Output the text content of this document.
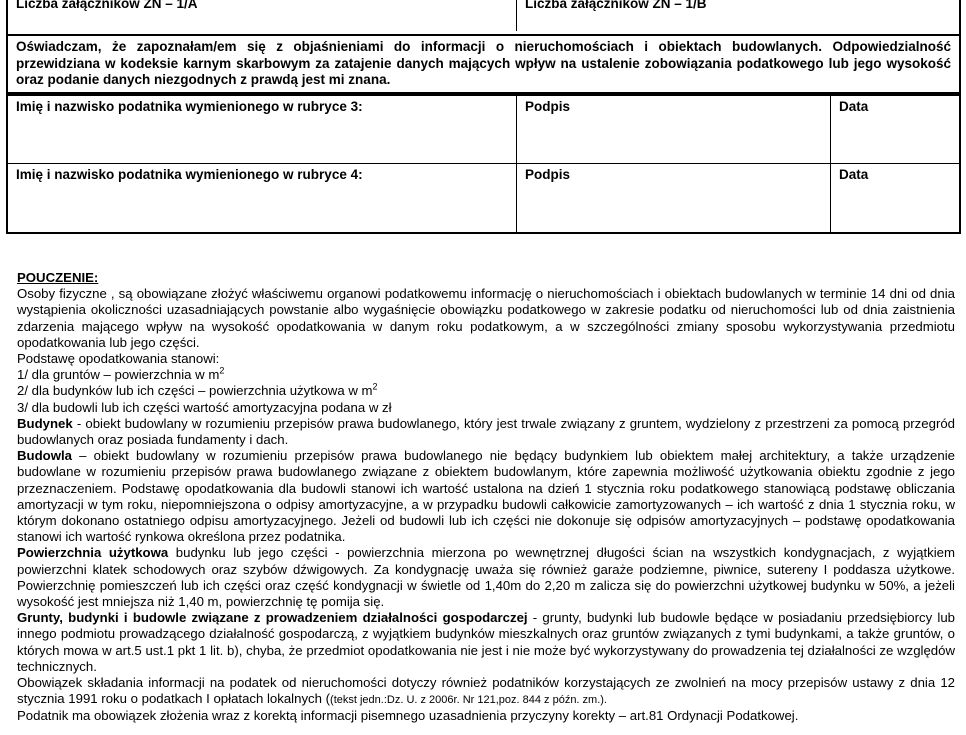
Liczba załączników ZN – 1/A	Liczba załączników ZN – 1/B
Oświadczam, że zapoznałam/em się z objaśnieniami do informacji o nieruchomościach i obiektach budowlanych. Odpowiedzialność przewidziana w kodeksie karnym skarbowym za zatajenie danych mających wpływ na ustalenie zobowiązania podatkowego lub jego wysokość oraz podanie danych niezgodnych z prawdą jest mi znana.
Imię i nazwisko podatnika wymienionego w rubryce 3:	Podpis	Data
Imię i nazwisko podatnika wymienionego w rubryce 4:	Podpis	Data

POUCZENIE:

Osoby fizyczne , są obowiązane złożyć właściwemu organowi podatkowemu informację o nieruchomościach i obiektach budowlanych w terminie 14 dni od dnia wystąpienia okoliczności uzasadniających powstanie albo wygaśnięcie obowiązku podatkowego w zakresie podatku od nieruchomości lub od dnia zaistnienia zdarzenia mającego wpływ na wysokość opodatkowania w danym roku podatkowym, a w szczególności zmiany sposobu wykorzystywania przedmiotu opodatkowania lub jego części.

Podstawę opodatkowania stanowi:

1/ dla gruntów – powierzchnia w $m^2$

2/ dla budynków lub ich części – powierzchnia użytkowa w $m^2$

3/ dla budowli lub ich części wartość amortyzacyjna podana w zł

Budynek - obiekt budowlany w rozumieniu przepisów prawa budowlanego, który jest trwale związany z gruntem, wydzielony z przestrzeni za pomocą przegród budowlanych oraz posiada fundamenty i dach.

Budowla – obiekt budowlany w rozumieniu przepisów prawa budowlanego nie będący budynkiem lub obiektem małej architektury, a także urządzenie budowlane w rozumieniu przepisów prawa budowlanego związane z obiektem budowlanym, które zapewnia możliwość użytkowania obiektu zgodnie z jego przeznaczeniem. Podstawę opodatkowania dla budowli stanowi ich wartość ustalona na dzień 1 stycznia roku podatkowego stanowiącą podstawę obliczania amortyzacji w tym roku, niepomniejszona o odpisy amortyzacyjne, a w przypadku budowli całkowicie zamortyzowanych – ich wartość z dnia 1 stycznia roku, w którym dokonano ostatniego odpisu amortyzacyjnego. Jeżeli od budowli lub ich części nie dokonuje się odpisów amortyzacyjnych – podstawę opodatkowania stanowi ich wartość rynkowa określona przez podatnika.

Powierzchnia użytkowa budynku lub jego części - powierzchnia mierzona po wewnętrznej długości ścian na wszystkich kondygnacjach, z wyjątkiem powierzchni klatek schodowych oraz szybów dźwigowych. Za kondygnację uważa się również garaże podziemne, piwnice, sutereny I poddasza użytkowe. Powierzchnię pomieszczeń lub ich części oraz część kondygnacji w świetle od 1,40m do 2,20 m zalicza się do powierzchni użytkowej budynku w 50%, a jeżeli wysokość jest mniejsza niż 1,40 m, powierzchnię tę pomija się.

Grunty, budynki i budowle związane z prowadzeniem działalności gospodarczej - grunty, budynki lub budowle będące w posiadaniu przedsiębiorcy lub innego podmiotu prowadzącego działalność gospodarczą, z wyjątkiem budynków mieszkalnych oraz gruntów związanych z tymi budynkami, a także gruntów, o których mowa w art.5 ust.1 pkt 1 lit. b), chyba, że przedmiot opodatkowania nie jest i nie może być wykorzystywany do prowadzenia tej działalności ze względów technicznych.

Obowiązek składania informacji na podatek od nieruchomości dotyczy również podatników korzystających ze zwolnień na mocy przepisów ustawy z dnia 12 stycznia 1991 roku o podatkach I opłatach lokalnych ((tekst jedn.:Dz. U. z 2006r. Nr 121,poz. 844 z późn. zm.).

Podatnik ma obowiązek złożenia wraz z korektą informacji pisemnego uzasadnienia przyczyny korekty – art.81 Ordynacji Podatkowej.
